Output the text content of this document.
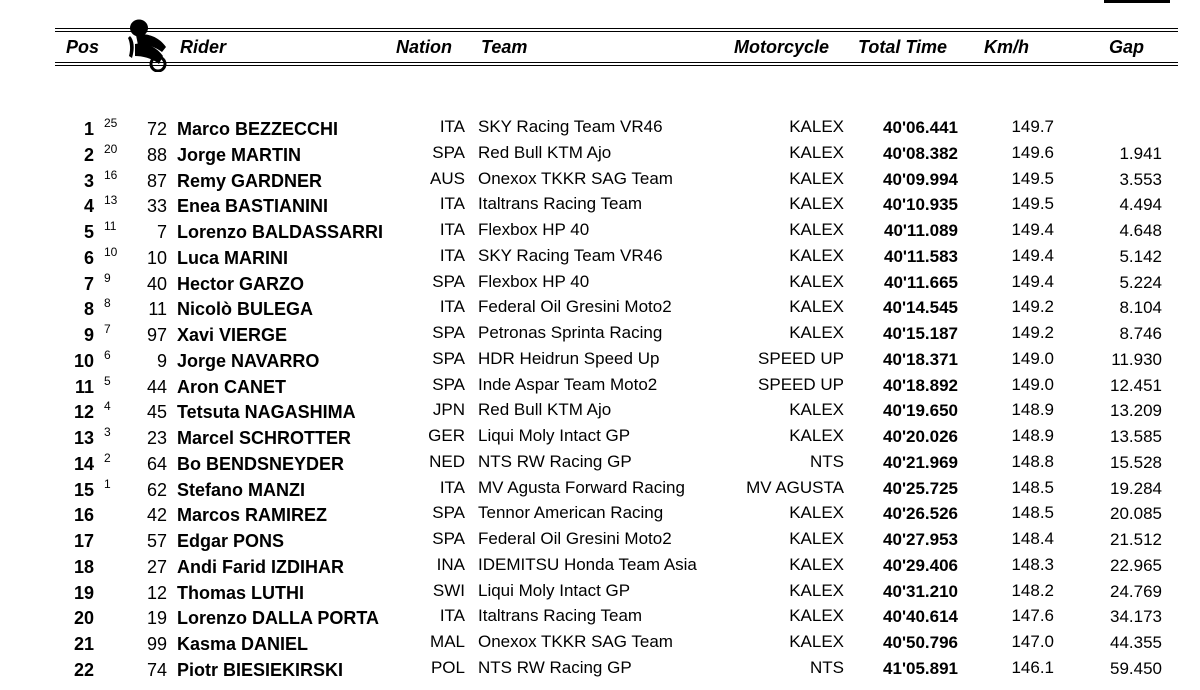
Pos	Rider	Nation Team	Motorcycle Total Time Km/h	Gap
1 25 72 Marco BEZZECCHI	ITA SKY Racing Team VR46	KALEX 40'06.441	149.7
2 20 88 Jorge MARTIN	SPA Red Bull KTM Ajo	KALEX 40'08.382	149.6	1.941
3 16 87 Remy GARDNER	AUS Onexox TKKR SAG Team	KALEX 40'09.994	149.5	3.553
4 13 33 Enea BASTIANINI	ITA Italtrans Racing Team	KALEX 40'10.935	149.5	4.494
5 11 7 Lorenzo BALDASSARRI	ITA Flexbox HP 40	KALEX 40'11.089	149.4	4.648
6 10 10 Luca MARINI	ITA SKY Racing Team VR46	KALEX 40'11.583	149.4	5.142
7 9 40 Hector GARZO	SPA Flexbox HP 40	KALEX 40'11.665	149.4	5.224
8 8 11 Nicolò BULEGA	ITA Federal Oil Gresini Moto2	KALEX 40'14.545	149.2	8.104
9 7 97 Xavi VIERGE	SPA Petronas Sprinta Racing	KALEX 40'15.187	149.2	8.746
10 6	9 Jorge NAVARRO	SPA HDR Heidrun Speed Up	SPEED UP 40'18.371	149.0	11.930
11 5 44 Aron CANET	SPA Inde Aspar Team Moto2	SPEED UP 40'18.892	149.0	12.451
12 4 45 Tetsuta NAGASHIMA	JPN Red Bull KTM Ajo	KALEX 40'19.650	148.9	13.209
13 3 23 Marcel SCHROTTER	GER Liqui Moly Intact GP	KALEX 40'20.026	148.9	13.585
14 2 64 Bo BENDSNEYDER	NED NTS RW Racing GP	NTS 40'21.969	148.8	15.528
15 1 62 Stefano MANZI	ITA MV Agusta Forward Racing	MV AGUSTA 40'25.725	148.5	19.284
16	42 Marcos RAMIREZ	SPA Tennor American Racing	KALEX 40'26.526	148.5	20.085
17	57 Edgar PONS	SPA Federal Oil Gresini Moto2	KALEX 40'27.953	148.4	21.512
18	27 Andi Farid IZDIHAR	INA IDEMITSU Honda Team Asia	KALEX 40'29.406	148.3	22.965
19	12 Thomas LUTHI	SWI Liqui Moly Intact GP	KALEX 40'31.210	148.2	24.769
20	19 Lorenzo DALLA PORTA	ITA Italtrans Racing Team	KALEX 40'40.614	147.6	34.173
21	99 Kasma DANIEL	MAL Onexox TKKR SAG Team	KALEX 40'50.796	147.0	44.355
22	74 Piotr BIESIEKIRSKI	POL NTS RW Racing GP	NTS 41'05.891	146.1	59.450
